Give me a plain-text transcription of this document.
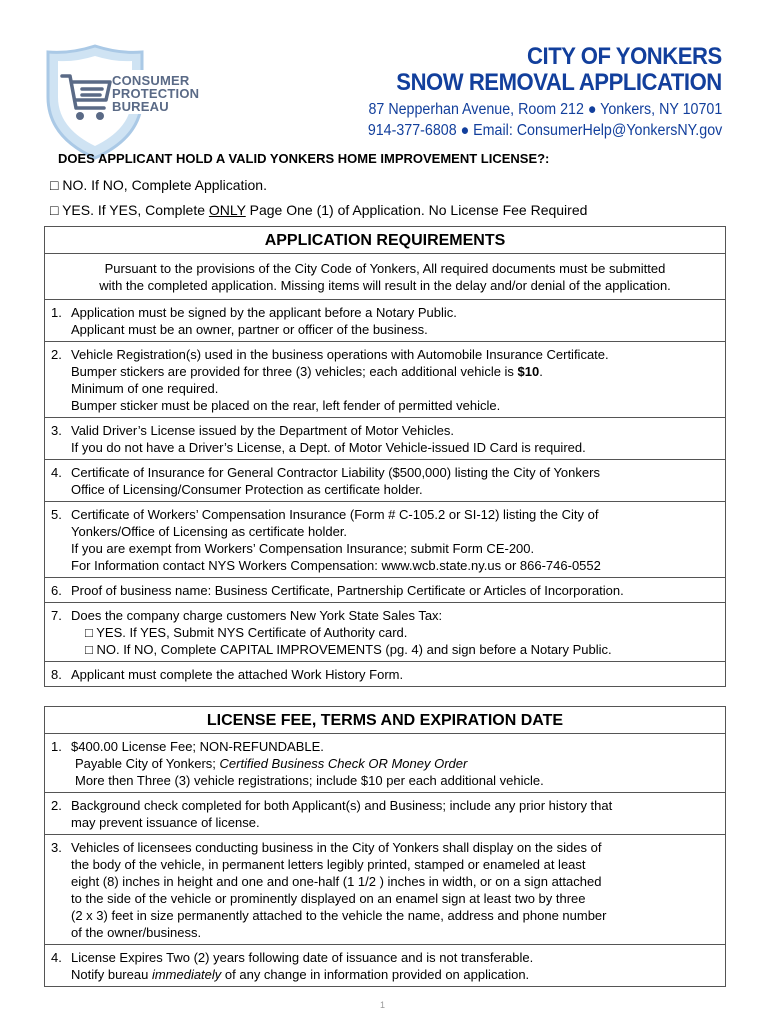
CONSUMER
PROTECTION
BUREAU
CITY OF YONKERS
SNOW REMOVAL APPLICATION
87 Nepperhan Avenue, Room 212 ● Yonkers, NY 10701
914-377-6808 ● Email: ConsumerHelp@YonkersNY.gov
DOES APPLICANT HOLD A VALID YONKERS HOME IMPROVEMENT LICENSE?:
□ NO. If NO, Complete Application.
□ YES. If YES, Complete ONLY Page One (1) of Application. No License Fee Required
APPLICATION REQUIREMENTS
Pursuant to the provisions of the City Code of Yonkers, All required documents must be submitted
with the completed application. Missing items will result in the delay and/or denial of the application.
1. Application must be signed by the applicant before a Notary Public.
Applicant must be an owner, partner or officer of the business.
2. Vehicle Registration(s) used in the business operations with Automobile Insurance Certificate.
Bumper stickers are provided for three (3) vehicles; each additional vehicle is $10.
Minimum of one required.
Bumper sticker must be placed on the rear, left fender of permitted vehicle.
3. Valid Driver’s License issued by the Department of Motor Vehicles.
If you do not have a Driver’s License, a Dept. of Motor Vehicle-issued ID Card is required.
4. Certificate of Insurance for General Contractor Liability ($500,000) listing the City of Yonkers
Office of Licensing/Consumer Protection as certificate holder.
5. Certificate of Workers’ Compensation Insurance (Form # C-105.2 or SI-12) listing the City of
Yonkers/Office of Licensing as certificate holder.
If you are exempt from Workers’ Compensation Insurance; submit Form CE-200.
For Information contact NYS Workers Compensation: www.wcb.state.ny.us or 866-746-0552
6. Proof of business name: Business Certificate, Partnership Certificate or Articles of Incorporation.
7. Does the company charge customers New York State Sales Tax:
□ YES. If YES, Submit NYS Certificate of Authority card.
□ NO. If NO, Complete CAPITAL IMPROVEMENTS (pg. 4) and sign before a Notary Public.
8. Applicant must complete the attached Work History Form.
LICENSE FEE, TERMS AND EXPIRATION DATE
1. $400.00 License Fee; NON-REFUNDABLE.
Payable City of Yonkers; Certified Business Check OR Money Order
More then Three (3) vehicle registrations; include $10 per each additional vehicle.
2. Background check completed for both Applicant(s) and Business; include any prior history that
may prevent issuance of license.
3. Vehicles of licensees conducting business in the City of Yonkers shall display on the sides of
the body of the vehicle, in permanent letters legibly printed, stamped or enameled at least
eight (8) inches in height and one and one-half (1 1/2 ) inches in width, or on a sign attached
to the side of the vehicle or prominently displayed on an enamel sign at least two by three
(2 x 3) feet in size permanently attached to the vehicle the name, address and phone number
of the owner/business.
4. License Expires Two (2) years following date of issuance and is not transferable.
Notify bureau immediately of any change in information provided on application.
1
